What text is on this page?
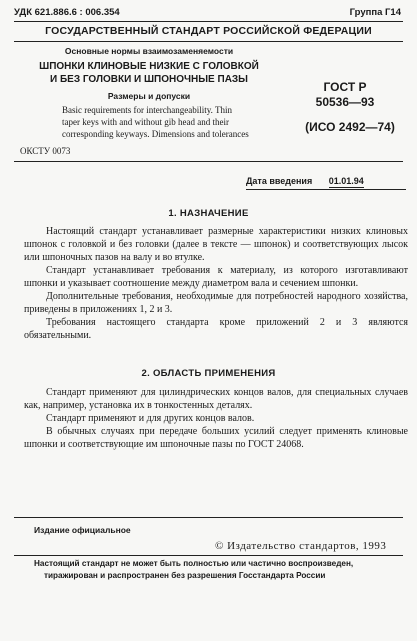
УДК 621.886.6 : 006.354	Группа Г14
ГОСУДАРСТВЕННЫЙ СТАНДАРТ РОССИЙСКОЙ ФЕДЕРАЦИИ
Основные нормы взаимозаменяемости
ШПОНКИ КЛИНОВЫЕ НИЗКИЕ С ГОЛОВКОЙ
И БЕЗ ГОЛОВКИ И ШПОНОЧНЫЕ ПАЗЫ
Размеры и допуски
Basic requirements for interchangeability. Thin
taper keys with and without gib head and their
corresponding keyways. Dimensions and tolerances
ОКСТУ 0073
ГОСТ Р
50536—93
(ИСО 2492—74)
Дата введения 01.01.94
1. НАЗНАЧЕНИЕ

Настоящий стандарт устанавливает размерные характеристики низких клиновых шпонок с головкой и без головки (далее в тексте — шпонок) и соответствующих лысок или шпоночных пазов на валу и во втулке.

Стандарт устанавливает требования к материалу, из которого изготавливают шпонки и указывает соотношение между диаметром вала и сечением шпонки.

Дополнительные требования, необходимые для потребностей народного хозяйства, приведены в приложениях 1, 2 и 3.

Требования настоящего стандарта кроме приложений 2 и 3 являются обязательными.

2. ОБЛАСТЬ ПРИМЕНЕНИЯ

Стандарт применяют для цилиндрических концов валов, для специальных случаев как, например, установка их в тонкостенных деталях.

Стандарт применяют и для других концов валов.

В обычных случаях при передаче больших усилий следует применять клиновые шпонки и соответствующие им шпоночные пазы по ГОСТ 24068.

Издание официальное
© Издательство стандартов, 1993
Настоящий стандарт не может быть полностью или частично воспроизведен,
тиражирован и распространен без разрешения Госстандарта России
